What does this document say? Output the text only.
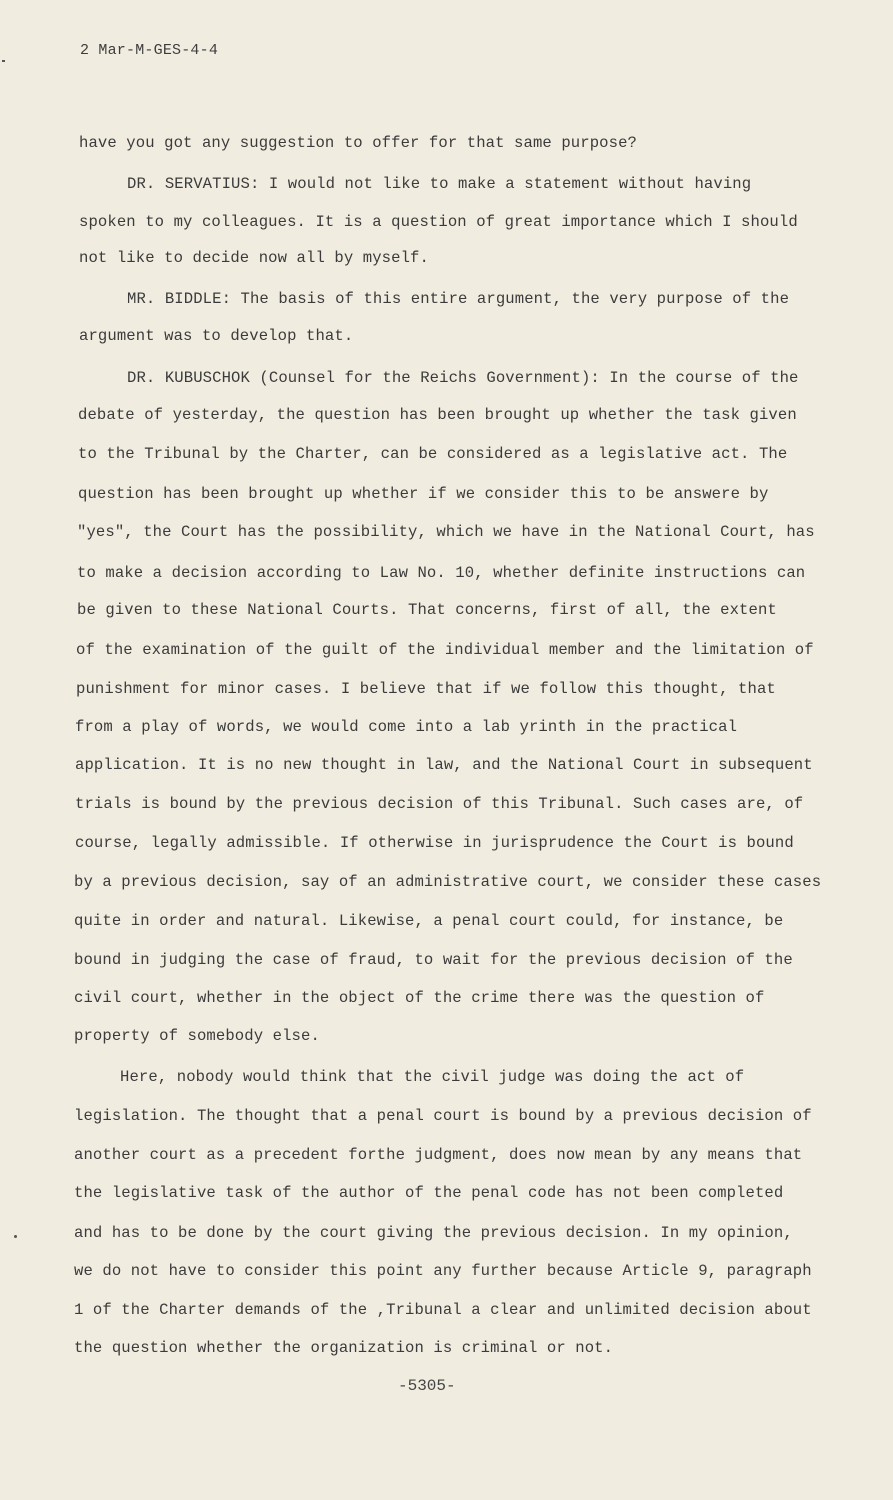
2 Mar-M-GES-4-4
have you got any suggestion to offer for that same purpose?
DR. SERVATIUS: I would not like to make a statement without having
spoken to my colleagues. It is a question of great importance which I should
not like to decide now all by myself.
MR. BIDDLE: The basis of this entire argument, the very purpose of the
argument was to develop that.
DR. KUBUSCHOK (Counsel for the Reichs Government): In the course of the
debate of yesterday, the question has been brought up whether the task given
to the Tribunal by the Charter, can be considered as a legislative act. The
question has been brought up whether if we consider this to be answere by
"yes", the Court has the possibility, which we have in the National Court, has
to make a decision according to Law No. 10, whether definite instructions can
be given to these National Courts. That concerns, first of all, the extent
of the examination of the guilt of the individual member and the limitation of
punishment for minor cases. I believe that if we follow this thought, that
from a play of words, we would come into a lab yrinth in the practical
application. It is no new thought in law, and the National Court in subsequent
trials is bound by the previous decision of this Tribunal. Such cases are, of
course, legally admissible. If otherwise in jurisprudence the Court is bound
by a previous decision, say of an administrative court, we consider these cases
quite in order and natural. Likewise, a penal court could, for instance, be
bound in judging the case of fraud, to wait for the previous decision of the
civil court, whether in the object of the crime there was the question of
property of somebody else.
Here, nobody would think that the civil judge was doing the act of
legislation. The thought that a penal court is bound by a previous decision of
another court as a precedent forthe judgment, does now mean by any means that
the legislative task of the author of the penal code has not been completed
and has to be done by the court giving the previous decision. In my opinion,
we do not have to consider this point any further because Article 9, paragraph
1 of the Charter demands of the ,Tribunal a clear and unlimited decision about
the question whether the organization is criminal or not.
-5305-
